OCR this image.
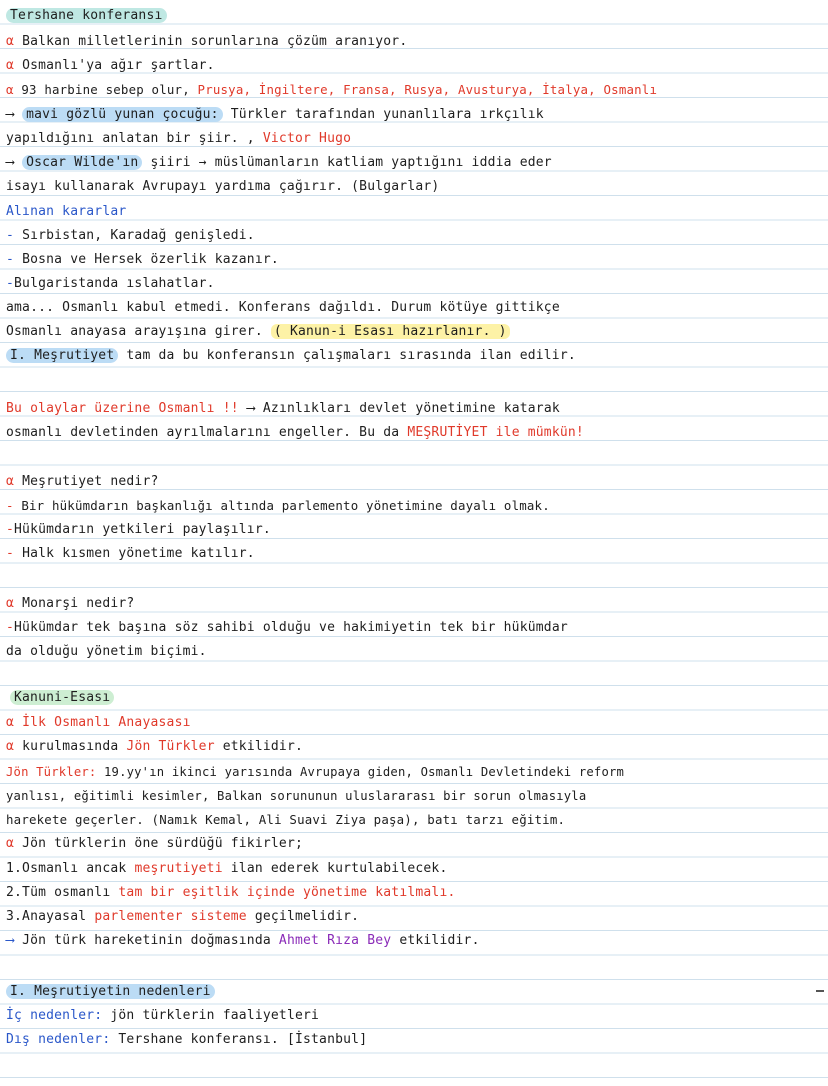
Tershane konferansı
α Balkan milletlerinin sorunlarına çözüm aranıyor.
α Osmanlı'ya ağır şartlar.
α 93 harbine sebep olur, Prusya, İngiltere, Fransa, Rusya, Avusturya, İtalya, Osmanlı
⟶ mavi gözlü yunan çocuğu: Türkler tarafından yunanlılara ırkçılık
yapıldığını anlatan bir şiir. , Victor Hugo
⟶ Oscar Wilde'ın şiiri → müslümanların katliam yaptığını iddia eder
isayı kullanarak Avrupayı yardıma çağırır. (Bulgarlar)
Alınan kararlar
- Sırbistan, Karadağ genişledi.
- Bosna ve Hersek özerlik kazanır.
-Bulgaristanda ıslahatlar.
ama... Osmanlı kabul etmedi. Konferans dağıldı. Durum kötüye gittikçe
Osmanlı anayasa arayışına girer. ( Kanun-i Esası hazırlanır. )
I. Meşrutiyet tam da bu konferansın çalışmaları sırasında ilan edilir.
Bu olaylar üzerine Osmanlı !! ⟶ Azınlıkları devlet yönetimine katarak
osmanlı devletinden ayrılmalarını engeller. Bu da MEŞRUTİYET ile mümkün!
α Meşrutiyet nedir?
- Bir hükümdarın başkanlığı altında parlemento yönetimine dayalı olmak.
-Hükümdarın yetkileri paylaşılır.
- Halk kısmen yönetime katılır.
α Monarşi nedir?
-Hükümdar tek başına söz sahibi olduğu ve hakimiyetin tek bir hükümdar
da olduğu yönetim biçimi.
Kanuni-Esası
α İlk Osmanlı Anayasası
α kurulmasında Jön Türkler etkilidir.
Jön Türkler: 19.yy'ın ikinci yarısında Avrupaya giden, Osmanlı Devletindeki reform
yanlısı, eğitimli kesimler, Balkan sorununun uluslararası bir sorun olmasıyla
harekete geçerler. (Namık Kemal, Ali Suavi Ziya paşa), batı tarzı eğitim.
α Jön türklerin öne sürdüğü fikirler;
1.Osmanlı ancak meşrutiyeti ilan ederek kurtulabilecek.
2.Tüm osmanlı tam bir eşitlik içinde yönetime katılmalı.
3.Anayasal parlementer sisteme geçilmelidir.
⟶ Jön türk hareketinin doğmasında Ahmet Rıza Bey etkilidir.
I. Meşrutiyetin nedenleri
İç nedenler: jön türklerin faaliyetleri
Dış nedenler: Tershane konferansı. [İstanbul]
